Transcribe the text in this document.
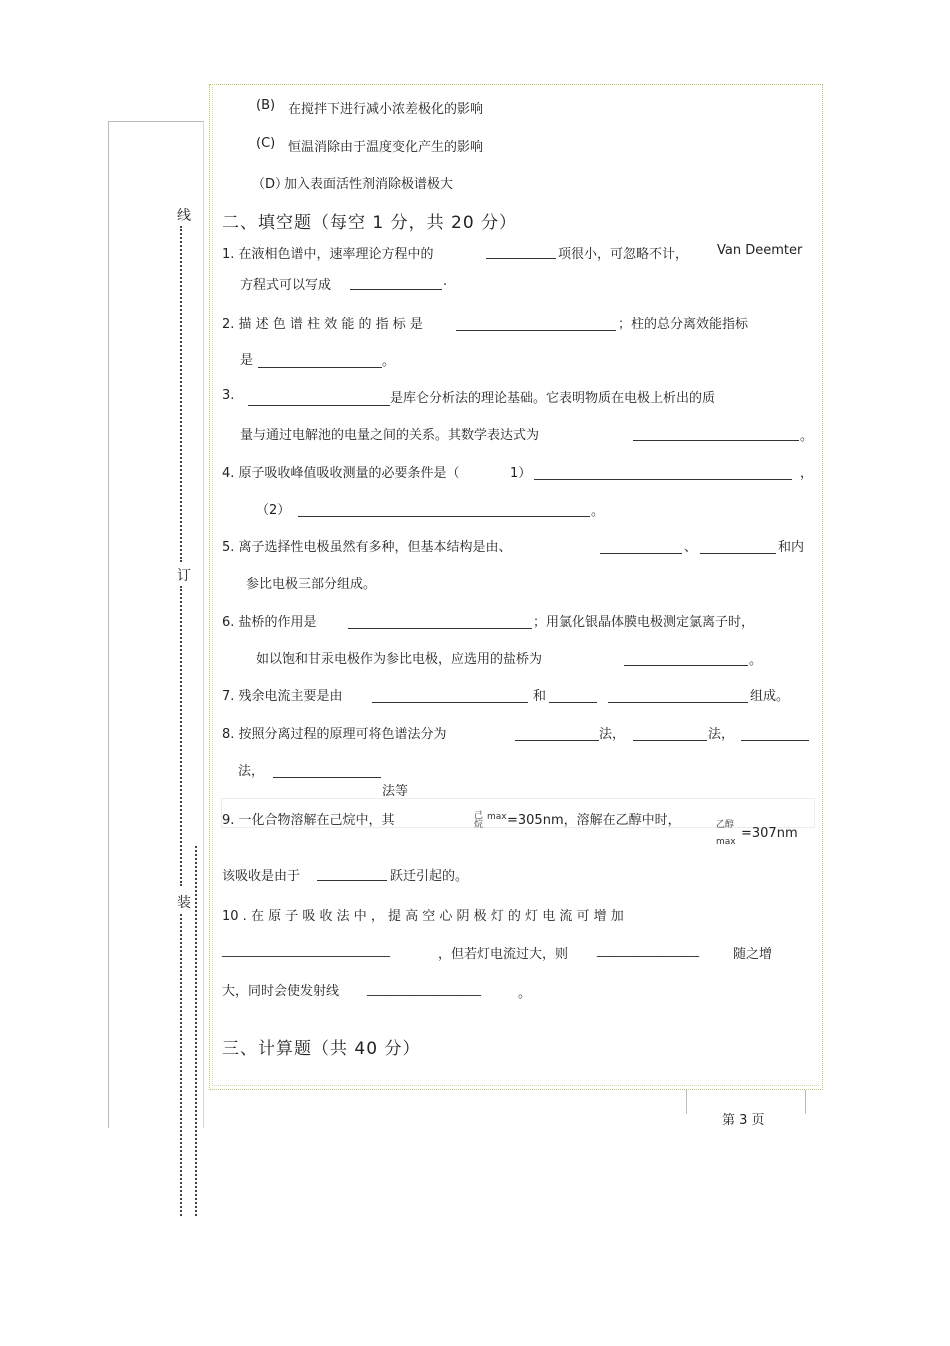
线
订
装
(B) 在搅拌下进行减小浓差极化的影响
(C) 恒温消除由于温度变化产生的影响
（D）
加入表面活性剂消除极谱极大
二、填空题（每空 1 分，共 20 分）
1. 在液相色谱中，速率理论方程中的	项很小，可忽略不计， Van Deemter
方程式可以写成	.
2. 描 述 色 谱 柱 效 能 的 指 标 是	；柱的总分离效能指标
是	。
3.	是库仑分析法的理论基础。它表明物质在电极上析出的质
量与通过电解池的电量之间的关系。其数学表达式为	。
4. 原子吸收峰值吸收测量的必要条件是（	1）	，
（2）	。
5. 离子选择性电极虽然有多种，但基本结构是由、	、	和内
参比电极三部分组成。
6. 盐桥的作用是	；用氯化银晶体膜电极测定氯离子时，
如以饱和甘汞电极作为参比电极，应选用的盐桥为	。
7. 残余电流主要是由	和	组成。
8. 按照分离过程的原理可将色谱法分为	法，	法，
法，
法等
9. 一化合物溶解在己烷中，其	己烷
max =305nm，溶解在乙醇中时，	乙醇
max
=307nm
该吸收是由于	跃迁引起的。
10 . 在 原 子 吸 收 法 中 ， 提 高 空 心 阴 极 灯 的 灯 电 流 可 增 加
____________________________	，但若灯电流过大，则 _________________	随之增
大，同时会使发射线 ___________________	。
三、计算题（共 40 分）
第 3 页
